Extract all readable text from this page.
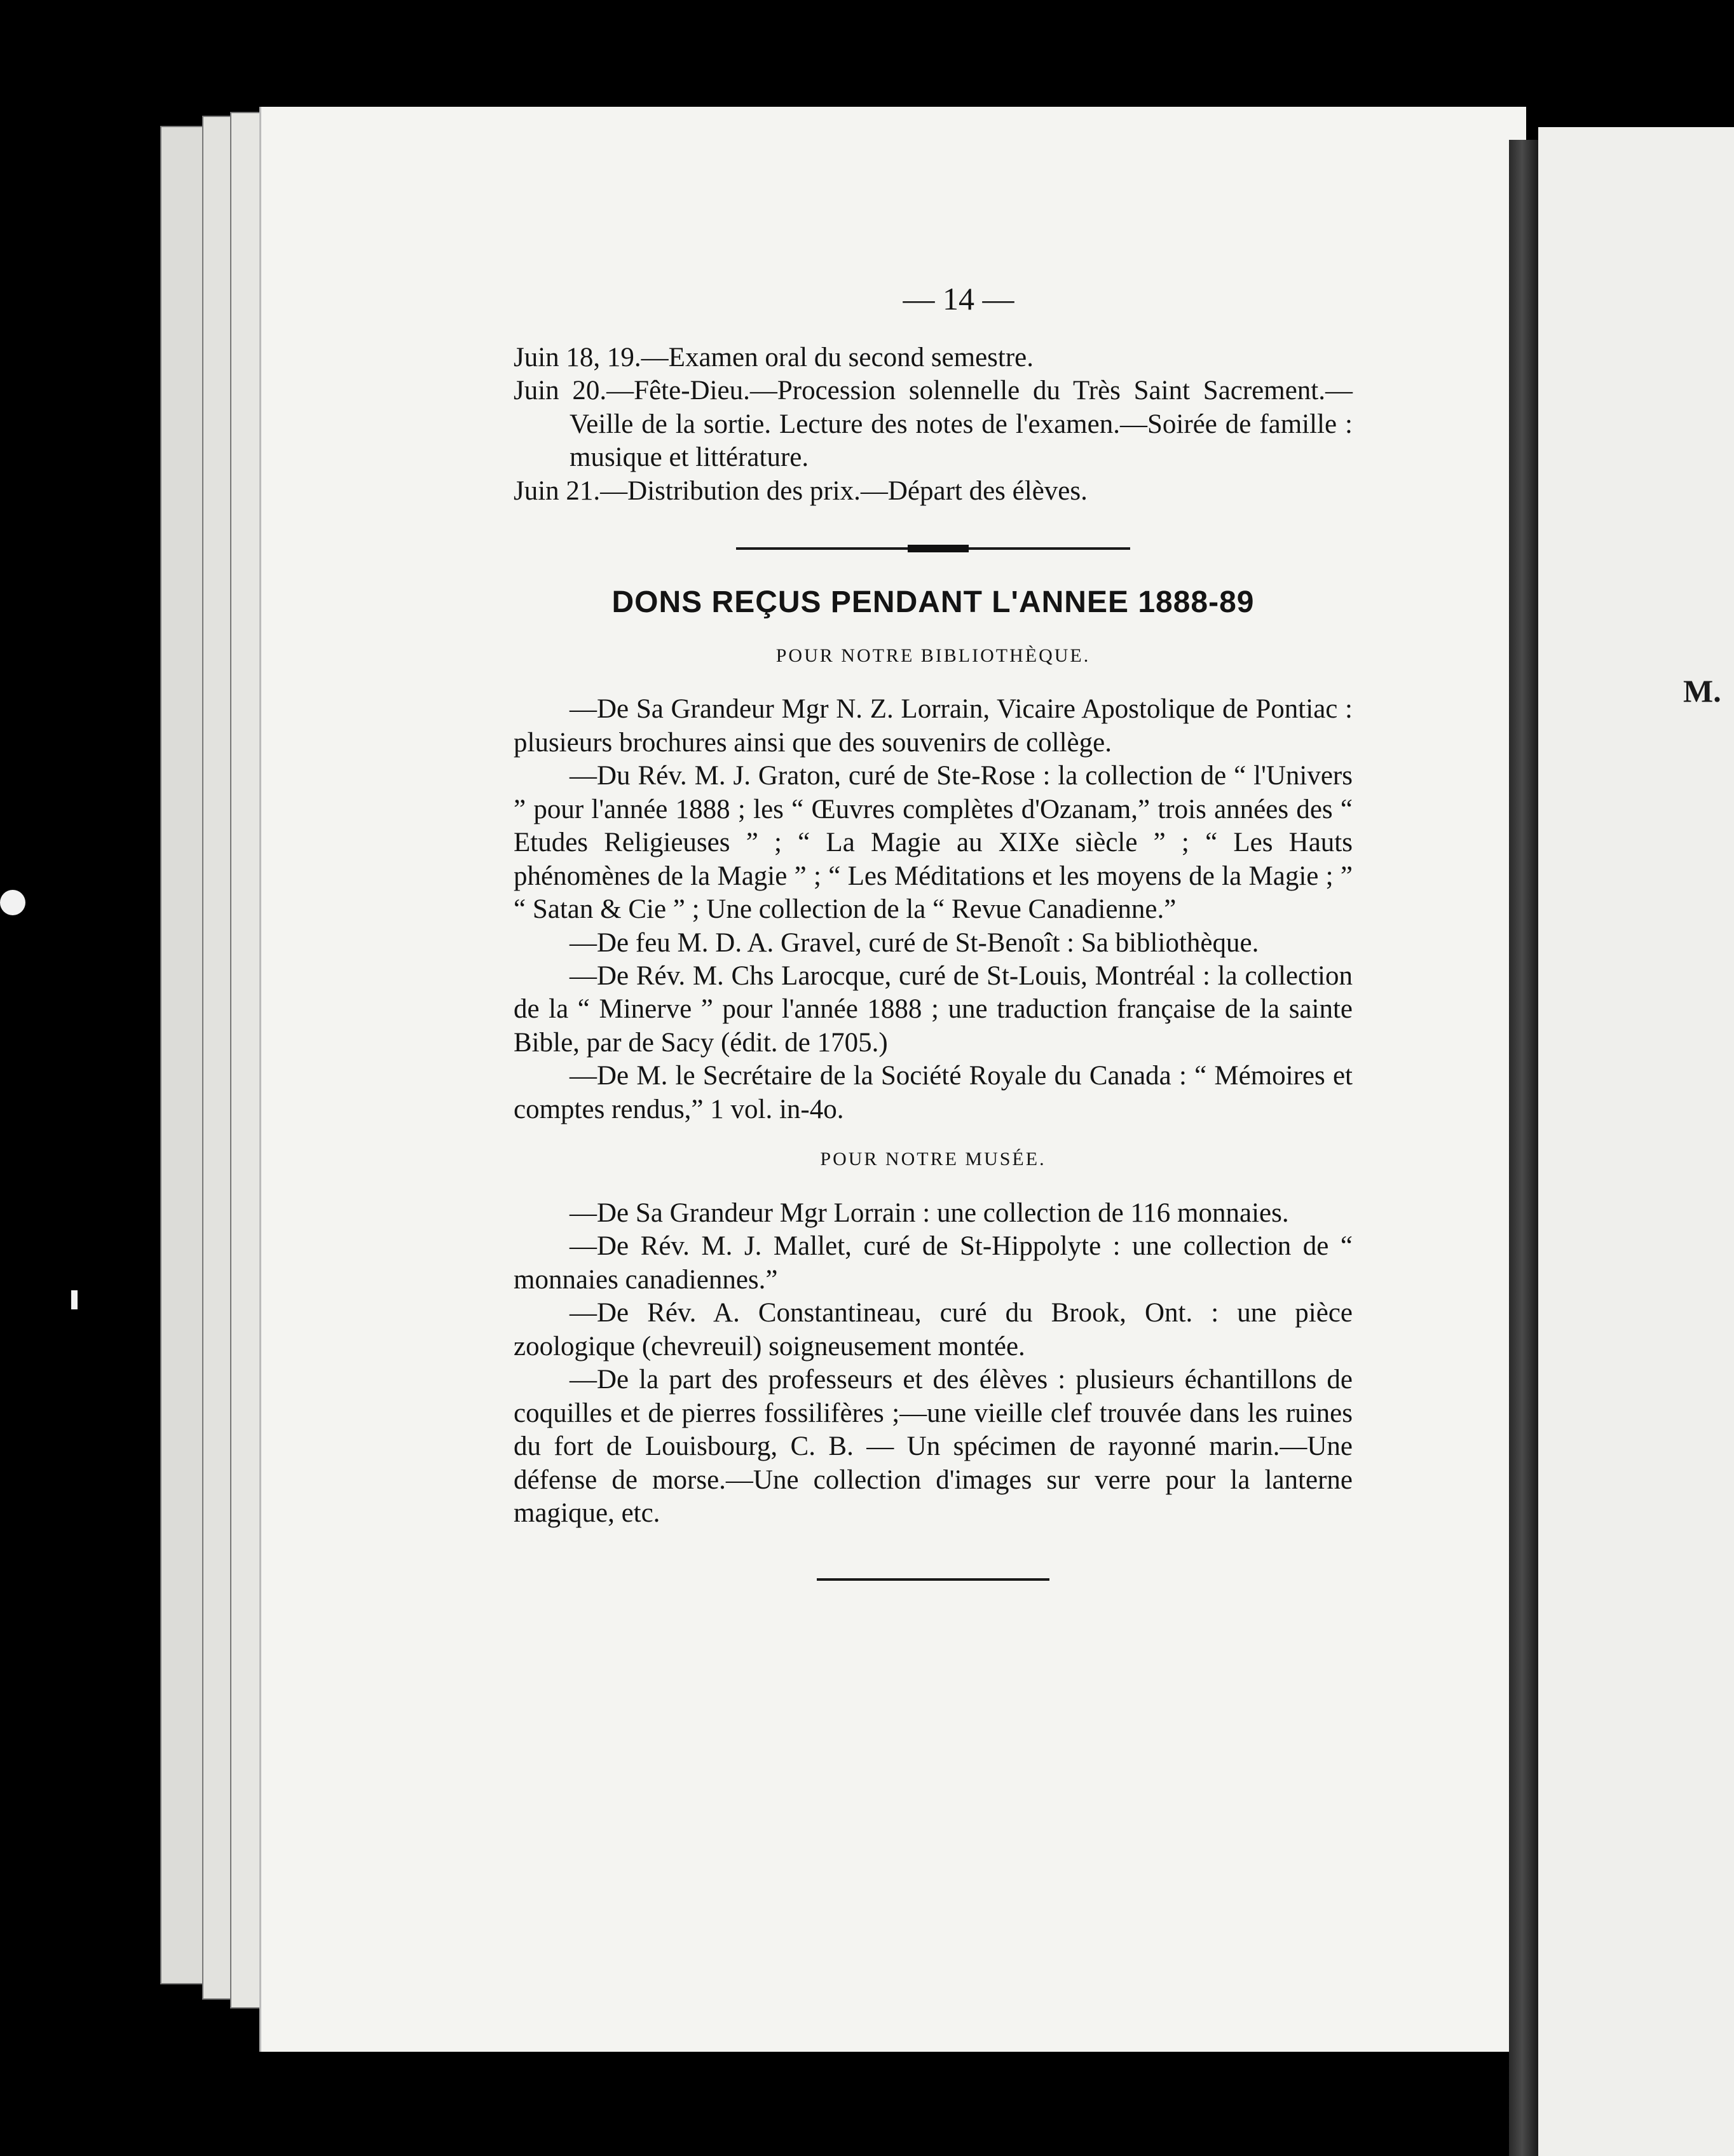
M.
— 14 —

Juin 18, 19.—Examen oral du second semestre.

Juin 20.—Fête-Dieu.—Procession solennelle du Très Saint Sacrement.—Veille de la sortie. Lecture des notes de l'examen.—Soirée de famille : musique et littérature.

Juin 21.—Distribution des prix.—Départ des élèves.

DONS REÇUS PENDANT L'ANNEE 1888-89
POUR NOTRE BIBLIOTHÈQUE.

—De Sa Grandeur Mgr N. Z. Lorrain, Vicaire Apostolique de Pontiac : plusieurs brochures ainsi que des souvenirs de collège.

—Du Rév. M. J. Graton, curé de Ste-Rose : la collection de “ l'Univers ” pour l'année 1888 ; les “ Œuvres complètes d'Ozanam,” trois années des “ Etudes Religieuses ” ; “ La Magie au XIXe siècle ” ; “ Les Hauts phénomènes de la Magie ” ; “ Les Méditations et les moyens de la Magie ; ” “ Satan & Cie ” ; Une collection de la “ Revue Canadienne.”

—De feu M. D. A. Gravel, curé de St-Benoît : Sa bibliothèque.

—De Rév. M. Chs Larocque, curé de St-Louis, Montréal : la collection de la “ Minerve ” pour l'année 1888 ; une traduction française de la sainte Bible, par de Sacy (édit. de 1705.)

—De M. le Secrétaire de la Société Royale du Canada : “ Mémoires et comptes rendus,” 1 vol. in-4o.

POUR NOTRE MUSÉE.

—De Sa Grandeur Mgr Lorrain : une collection de 116 monnaies.

—De Rév. M. J. Mallet, curé de St-Hippolyte : une collection de “ monnaies canadiennes.”

—De Rév. A. Constantineau, curé du Brook, Ont. : une pièce zoologique (chevreuil) soigneusement montée.

—De la part des professeurs et des élèves : plusieurs échantillons de coquilles et de pierres fossilifères ;—une vieille clef trouvée dans les ruines du fort de Louisbourg, C. B. — Un spécimen de rayonné marin.—Une défense de morse.—Une collection d'images sur verre pour la lanterne magique, etc.
